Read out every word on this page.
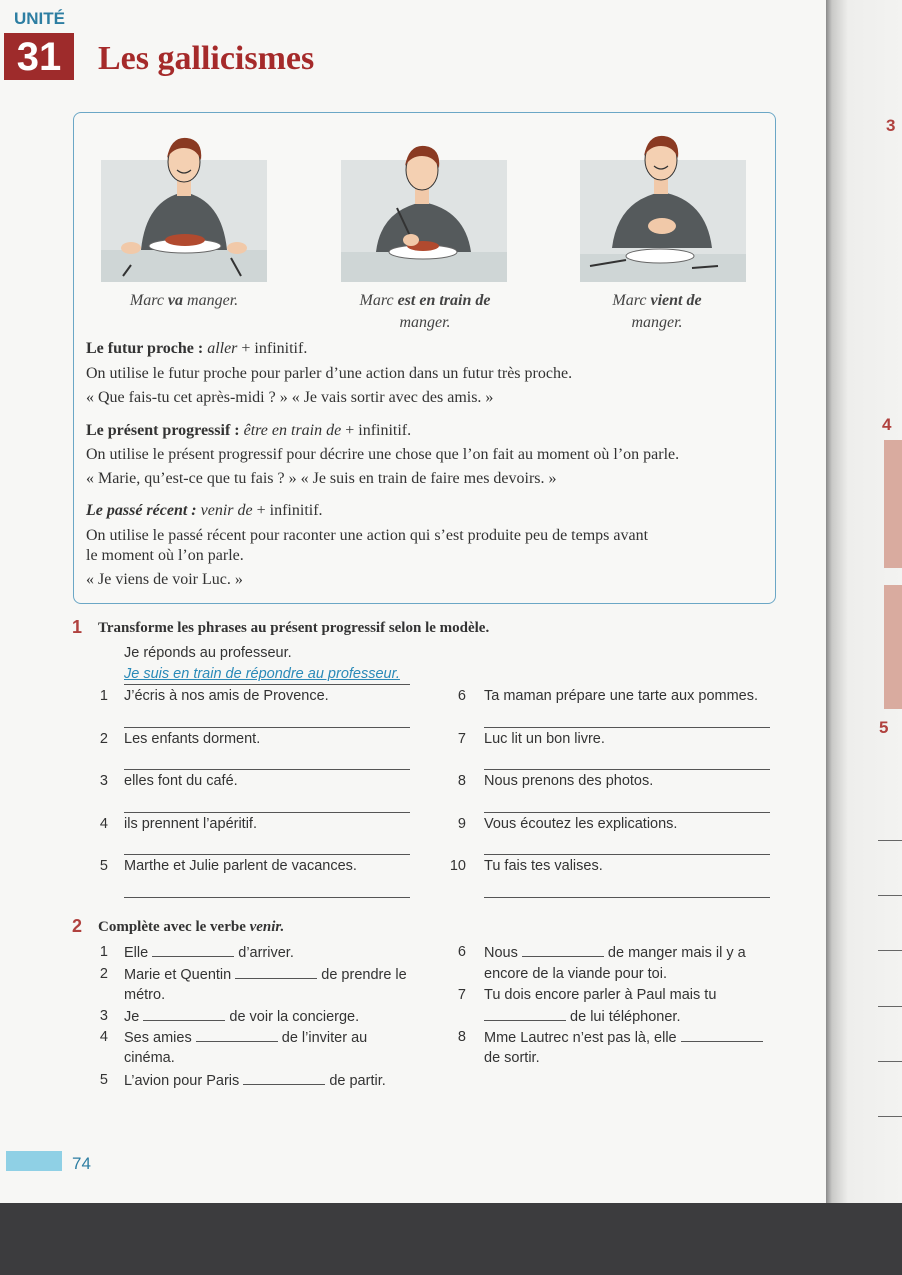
UNITÉ
31	Les gallicismes
Marc va manger.	Marc est en train de manger.
Marc vient de manger.
Le futur proche : aller + infinitif.
On utilise le futur proche pour parler d’une action dans un futur très proche.
« Que fais-tu cet après-midi ? » « Je vais sortir avec des amis. »
Le présent progressif : être en train de + infinitif.
On utilise le présent progressif pour décrire une chose que l’on fait au moment où l’on parle.
« Marie, qu’est-ce que tu fais ? » « Je suis en train de faire mes devoirs. »
Le passé récent : venir de + infinitif.
On utilise le passé récent pour raconter une action qui s’est produite peu de temps avant
le moment où l’on parle.
« Je viens de voir Luc. »
1 Transforme les phrases au présent progressif selon le modèle.
Je réponds au professeur.
Je suis en train de répondre au professeur.
1 J’écris à nos amis de Provence.
2 Les enfants dorment.
3 elles font du café.
4 ils prennent l’apéritif.
5 Marthe et Julie parlent de vacances.
6 Ta maman prépare une tarte aux pommes.
7 Luc lit un bon livre.
8 Nous prenons des photos.
9 Vous écoutez les explications.
10 Tu fais tes valises.
2 Complète avec le verbe venir.
1 Elle	d’arriver.
2 Marie et Quentin	de prendre le
métro.
3 Je	de voir la concierge.
4 Ses amies	de l’inviter au
cinéma.
5 L’avion pour Paris	de partir.
6 Nous	de manger mais il y a
encore de la viande pour toi.
7 Tu dois encore parler à Paul mais tu
de lui téléphoner.
8 Mme Lautrec n’est pas là, elle
de sortir.
74
3
4
5
